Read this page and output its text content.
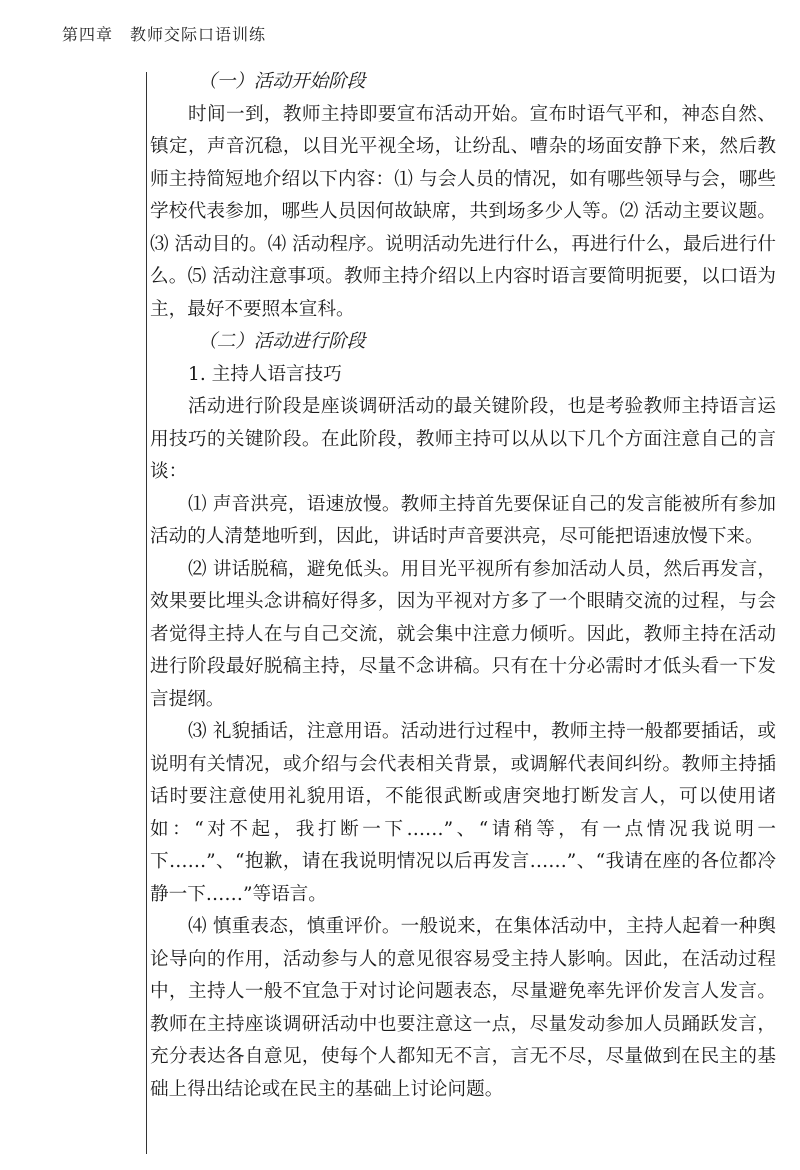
第四章　教师交际口语训练

（一）活动开始阶段

时间一到，教师主持即要宣布活动开始。宣布时语气平和，神态自然、镇定，声音沉稳，以目光平视全场，让纷乱、嘈杂的场面安静下来，然后教师主持简短地介绍以下内容：⑴ 与会人员的情况，如有哪些领导与会，哪些学校代表参加，哪些人员因何故缺席，共到场多少人等。⑵ 活动主要议题。⑶ 活动目的。⑷ 活动程序。说明活动先进行什么，再进行什么，最后进行什么。⑸ 活动注意事项。教师主持介绍以上内容时语言要简明扼要，以口语为主，最好不要照本宣科。

（二）活动进行阶段

1. 主持人语言技巧

活动进行阶段是座谈调研活动的最关键阶段，也是考验教师主持语言运用技巧的关键阶段。在此阶段，教师主持可以从以下几个方面注意自己的言谈：

⑴ 声音洪亮，语速放慢。教师主持首先要保证自己的发言能被所有参加活动的人清楚地听到，因此，讲话时声音要洪亮，尽可能把语速放慢下来。

⑵ 讲话脱稿，避免低头。用目光平视所有参加活动人员，然后再发言，效果要比埋头念讲稿好得多，因为平视对方多了一个眼睛交流的过程，与会者觉得主持人在与自己交流，就会集中注意力倾听。因此，教师主持在活动进行阶段最好脱稿主持，尽量不念讲稿。只有在十分必需时才低头看一下发言提纲。

⑶ 礼貌插话，注意用语。活动进行过程中，教师主持一般都要插话，或说明有关情况，或介绍与会代表相关背景，或调解代表间纠纷。教师主持插话时要注意使用礼貌用语，不能很武断或唐突地打断发言人，可以使用诸如：“对不起，我打断一下……”、“请稍等，有一点情况我说明一下……”、“抱歉，请在我说明情况以后再发言……”、“我请在座的各位都冷静一下……”等语言。

⑷ 慎重表态，慎重评价。一般说来，在集体活动中，主持人起着一种舆论导向的作用，活动参与人的意见很容易受主持人影响。因此，在活动过程中，主持人一般不宜急于对讨论问题表态，尽量避免率先评价发言人发言。教师在主持座谈调研活动中也要注意这一点，尽量发动参加人员踊跃发言，充分表达各自意见，使每个人都知无不言，言无不尽，尽量做到在民主的基础上得出结论或在民主的基础上讨论问题。
